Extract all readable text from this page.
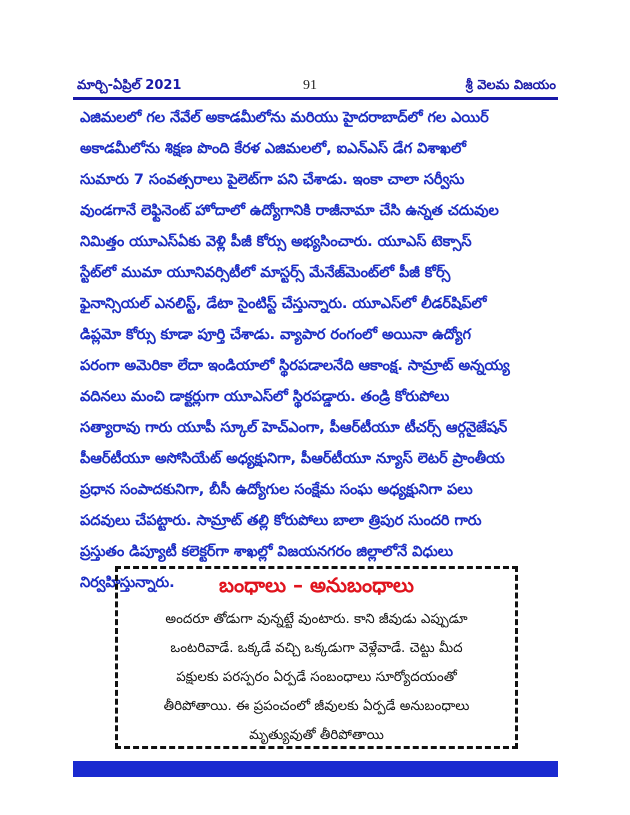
మార్చి-ఏప్రిల్ 2021	91	శ్రీ వెలమ విజయం
ఎజిమలలో గల నేవేల్ అకాడమీలోను మరియు హైదరాబాద్‌లో గల ఎయిర్
అకాడమీలోను శిక్షణ పొంది కేరళ ఎజిమలలో, ఐఎన్‌ఎస్ డేగ విశాఖలో
సుమారు 7 సంవత్సరాలు పైలెట్‌గా పని చేశాడు. ఇంకా చాలా సర్వీసు
వుండగానే లెఫ్టినెంట్ హోదాలో ఉద్యోగానికి రాజీనామా చేసి ఉన్నత చదువుల
నిమిత్తం యూఎస్‌ఏకు వెళ్లి పీజీ కోర్సు అభ్యసించారు. యూఎస్ టెక్సాస్
స్టేట్‌లో ముమా యూనివర్సిటీలో మాస్టర్స్ మేనేజ్‌మెంట్‌లో పీజీ కోర్స్
ఫైనాన్సియల్ ఎనలిస్ట్, డేటా సైంటిస్ట్ చేస్తున్నారు. యూఎస్‌లో లీడర్‌షిప్‌లో
డిప్లమో కోర్సు కూడా పూర్తి చేశాడు. వ్యాపార రంగంలో అయినా ఉద్యోగ
పరంగా అమెరికా లేదా ఇండియాలో స్థిరపడాలనేది ఆకాంక్ష. సామ్రాట్ అన్నయ్య
వదినలు మంచి డాక్టర్లుగా యూఎస్‌లో స్థిరపడ్డారు. తండ్రి కోరుపోలు
సత్యారావు గారు యూపీ స్కూల్ హెచ్‌ఎంగా, పీఆర్‌టీయూ టీచర్స్ ఆర్గనైజేషన్
పీఆర్‌టీయూ అసోసియేట్ అధ్యక్షునిగా, పీఆర్‌టీయూ న్యూస్ లెటర్ ప్రాంతీయ
ప్రధాన సంపాదకునిగా, బీసీ ఉద్యోగుల సంక్షేమ సంఘ అధ్యక్షునిగా పలు
పదవులు చేపట్టారు. సామ్రాట్ తల్లి కోరుపోలు బాలా త్రిపుర సుందరి గారు
ప్రస్తుతం డిప్యూటీ కలెక్టర్‌గా శాఖల్లో విజయనగరం జిల్లాలోనే విధులు
నిర్వహిస్తున్నారు.	బంధాలు – అనుబంధాలు
అందరూ తోడుగా వున్నట్టే వుంటారు. కాని జీవుడు ఎప్పుడూ
ఒంటరివాడే. ఒక్కడే వచ్చి ఒక్కడుగా వెళ్లేవాడే. చెట్టు మీద
పక్షులకు పరస్పరం ఏర్పడే సంబంధాలు సూర్యోదయంతో
తీరిపోతాయి. ఈ ప్రపంచంలో జీవులకు ఏర్పడే అనుబంధాలు
మృత్యువుతో తీరిపోతాయి
